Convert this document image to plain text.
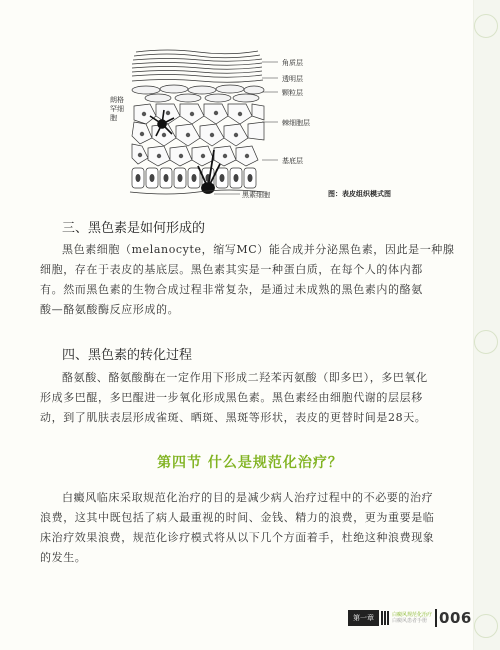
角质层
透明层
颗粒层
棘细胞层
基底层
朗格罕细胞
黑素细胞	图：表皮组织模式图
三、黑色素是如何形成的

黑色素细胞（melanocyte，缩写MC）能合成并分泌黑色素，因此是一种腺
细胞，存在于表皮的基底层。黑色素其实是一种蛋白质，在每个人的体内都
有。然而黑色素的生物合成过程非常复杂，是通过未成熟的黑色素内的酪氨
酸—酪氨酸酶反应形成的。

四、黑色素的转化过程

酪氨酸、酪氨酸酶在一定作用下形成二羟苯丙氨酸（即多巴），多巴氧化
形成多巴醌，多巴醌进一步氧化形成黑色素。黑色素经由细胞代谢的层层移
动，到了肌肤表层形成雀斑、晒斑、黑斑等形状，表皮的更替时间是28天。

第四节 什么是规范化治疗？

白癜风临床采取规范化治疗的目的是减少病人治疗过程中的不必要的治疗
浪费，这其中既包括了病人最重视的时间、金钱、精力的浪费，更为重要是临
床治疗效果浪费，规范化诊疗模式将从以下几个方面着手，杜绝这种浪费现象
的发生。

第一章	白癜风规范化治疗
白癜风患者手册 006
